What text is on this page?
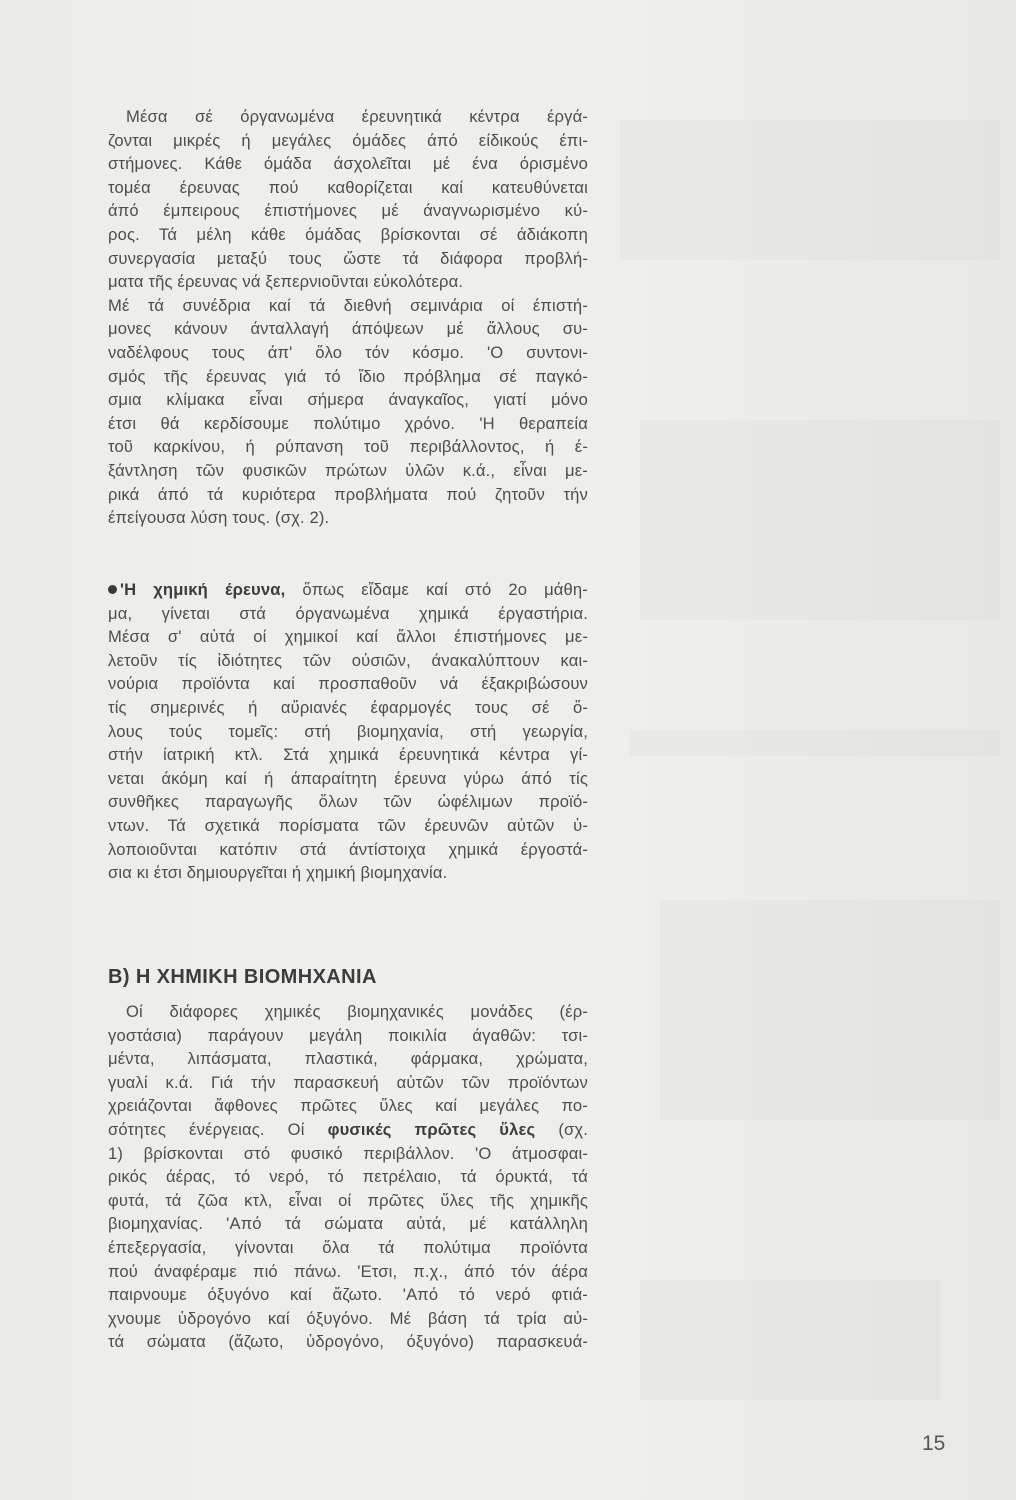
Μέσα σέ όργανωμένα έρευνητικά κέντρα έργά-
ζονται μικρές ή μεγάλες όμάδες άπό είδικούς έπι-
στήμονες. Κάθε όμάδα άσχολεῖται μέ ένα όρισμένο
τομέα έρευνας πού καθορίζεται καί κατευθύνεται
άπό έμπειρους έπιστήμονες μέ άναγνωρισμένο κύ-
ρος. Τά μέλη κάθε όμάδας βρίσκονται σέ άδιάκοπη
συνεργασία μεταξύ τους ὥστε τά διάφορα προβλή-
ματα τῆς έρευνας νά ξεπερνιοῦνται εὐκολότερα.
Μέ τά συνέδρια καί τά διεθνή σεμινάρια οί έπιστή-
μονες κάνουν άνταλλαγή άπόψεων μέ ἄλλους συ-
ναδέλφους τους άπ' ὅλο τόν κόσμο. 'Ο συντονι-
σμός τῆς έρευνας γιά τό ἴδιο πρόβλημα σέ παγκό-
σμια κλίμακα εἶναι σήμερα άναγκαῖος, γιατί μόνο
έτσι θά κερδίσουμε πολύτιμο χρόνο. 'Η θεραπεία
τοῦ καρκίνου, ή ρύπανση τοῦ περιβάλλοντος, ή έ-
ξάντληση τῶν φυσικῶν πρώτων ὑλῶν κ.ά., εἶναι με-
ρικά άπό τά κυριότερα προβλήματα πού ζητοῦν τήν
έπείγουσα λύση τους. (σχ. 2).
'Η χημική έρευνα, ὅπως εἴδαμε καί στό 2ο μάθη-
μα, γίνεται στά όργανωμένα χημικά έργαστήρια.
Μέσα σ' αὐτά οί χημικοί καί ἄλλοι έπιστήμονες με-
λετοῦν τίς ἰδιότητες τῶν οὐσιῶν, άνακαλύπτουν και-
νούρια προϊόντα καί προσπαθοῦν νά έξακριβώσουν
τίς σημερινές ή αὔριανές έφαρμογές τους σέ ὅ-
λους τούς τομεῖς: στή βιομηχανία, στή γεωργία,
στήν ίατρική κτλ. Στά χημικά έρευνητικά κέντρα γί-
νεται άκόμη καί ή άπαραίτητη έρευνα γύρω άπό τίς
συνθῆκες παραγωγῆς ὅλων τῶν ὠφέλιμων προϊό-
ντων. Τά σχετικά πορίσματα τῶν έρευνῶν αὐτῶν ὑ-
λοποιοῦνται κατόπιν στά άντίστοιχα χημικά έργοστά-
σια κι έτσι δημιουργεῖται ή χημική βιομηχανία.
Β) Η ΧΗΜΙΚΗ ΒΙΟΜΗΧΑΝΙΑ
Οί διάφορες χημικές βιομηχανικές μονάδες (έρ-
γοστάσια) παράγουν μεγάλη ποικιλία άγαθῶν: τσι-
μέντα, λιπάσματα, πλαστικά, φάρμακα, χρώματα,
γυαλί κ.ά. Γιά τήν παρασκευή αὐτῶν τῶν προϊόντων
χρειάζονται ἄφθονες πρῶτες ὕλες καί μεγάλες πο-
σότητες ένέργειας. Οί φυσικές πρῶτες ὕλες (σχ.
1) βρίσκονται στό φυσικό περιβάλλον. 'Ο άτμοσφαι-
ρικός άέρας, τό νερό, τό πετρέλαιο, τά όρυκτά, τά
φυτά, τά ζῶα κτλ, εἶναι οί πρῶτες ὕλες τῆς χημικῆς
βιομηχανίας. 'Από τά σώματα αὐτά, μέ κατάλληλη
έπεξεργασία, γίνονται ὅλα τά πολύτιμα προϊόντα
πού άναφέραμε πιό πάνω. 'Ετσι, π.χ., άπό τόν άέρα
παιρνουμε όξυγόνο καί ἄζωτο. 'Από τό νερό φτιά-
χνουμε ὑδρογόνο καί όξυγόνο. Μέ βάση τά τρία αὐ-
τά σώματα (ἄζωτο, ὑδρογόνο, όξυγόνο) παρασκευά-
15
